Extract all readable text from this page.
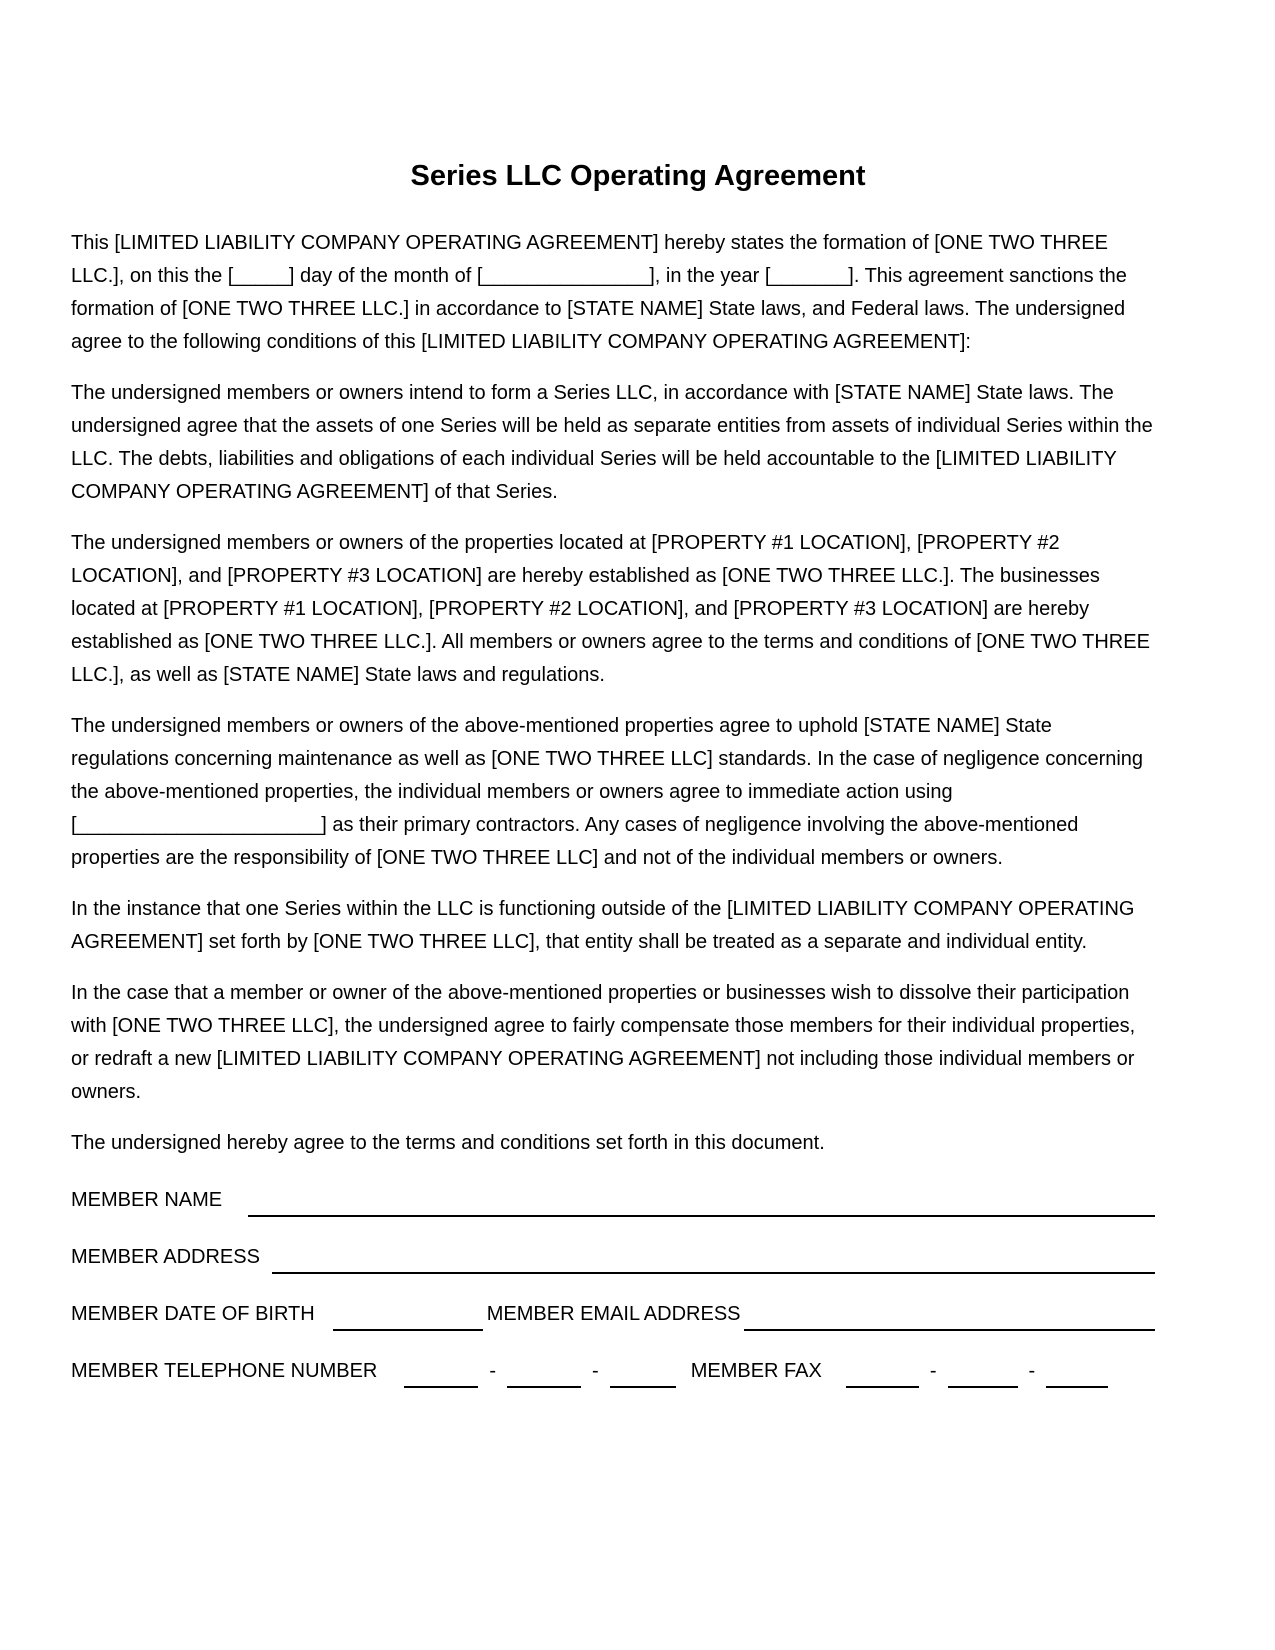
Series LLC Operating Agreement

This [LIMITED LIABILITY COMPANY OPERATING AGREEMENT] hereby states the formation of [ONE TWO THREE LLC.], on this the [_____] day of the month of [_______________], in the year [_______]. This agreement sanctions the formation of [ONE TWO THREE LLC.] in accordance to [STATE NAME] State laws, and Federal laws. The undersigned agree to the following conditions of this [LIMITED LIABILITY COMPANY OPERATING AGREEMENT]:

The undersigned members or owners intend to form a Series LLC, in accordance with [STATE NAME] State laws. The undersigned agree that the assets of one Series will be held as separate entities from assets of individual Series within the LLC. The debts, liabilities and obligations of each individual Series will be held accountable to the [LIMITED LIABILITY COMPANY OPERATING AGREEMENT] of that Series.

The undersigned members or owners of the properties located at [PROPERTY #1 LOCATION], [PROPERTY #2 LOCATION], and [PROPERTY #3 LOCATION] are hereby established as [ONE TWO THREE LLC.]. The businesses located at [PROPERTY #1 LOCATION], [PROPERTY #2 LOCATION], and [PROPERTY #3 LOCATION] are hereby established as [ONE TWO THREE LLC.]. All members or owners agree to the terms and conditions of [ONE TWO THREE LLC.], as well as [STATE NAME] State laws and regulations.

The undersigned members or owners of the above-mentioned properties agree to uphold [STATE NAME] State regulations concerning maintenance as well as [ONE TWO THREE LLC] standards. In the case of negligence concerning the above-mentioned properties, the individual members or owners agree to immediate action using [______________________] as their primary contractors. Any cases of negligence involving the above-mentioned properties are the responsibility of [ONE TWO THREE LLC] and not of the individual members or owners.

In the instance that one Series within the LLC is functioning outside of the [LIMITED LIABILITY COMPANY OPERATING AGREEMENT] set forth by [ONE TWO THREE LLC], that entity shall be treated as a separate and individual entity.

In the case that a member or owner of the above-mentioned properties or businesses wish to dissolve their participation with [ONE TWO THREE LLC], the undersigned agree to fairly compensate those members for their individual properties, or redraft a new [LIMITED LIABILITY COMPANY OPERATING AGREEMENT] not including those individual members or owners.

The undersigned hereby agree to the terms and conditions set forth in this document.

MEMBER NAME
MEMBER ADDRESS
MEMBER DATE OF BIRTH	MEMBER EMAIL ADDRESS
MEMBER TELEPHONE NUMBER	-	-	MEMBER FAX	-	-
